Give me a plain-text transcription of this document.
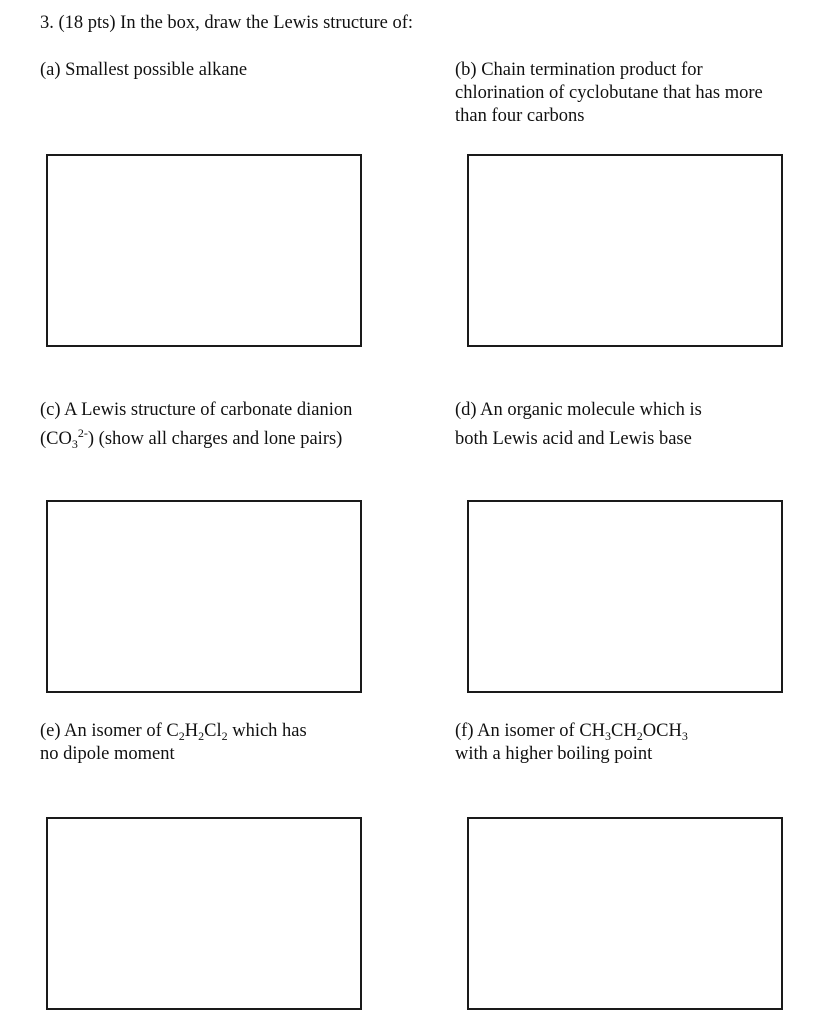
3. (18 pts) In the box, draw the Lewis structure of:
(a) Smallest possible alkane	(b) Chain termination product for
chlorination of cyclobutane that has more
than four carbons
(c) A Lewis structure of carbonate dianion
$(CO_3^{2-})$ (show all charges and lone pairs)
(d) An organic molecule which is
both Lewis acid and Lewis base
(e) An isomer of $C_2H_2Cl_2$ which has
no dipole moment
(f) An isomer of $CH_3CH_2OCH_3$
with a higher boiling point
